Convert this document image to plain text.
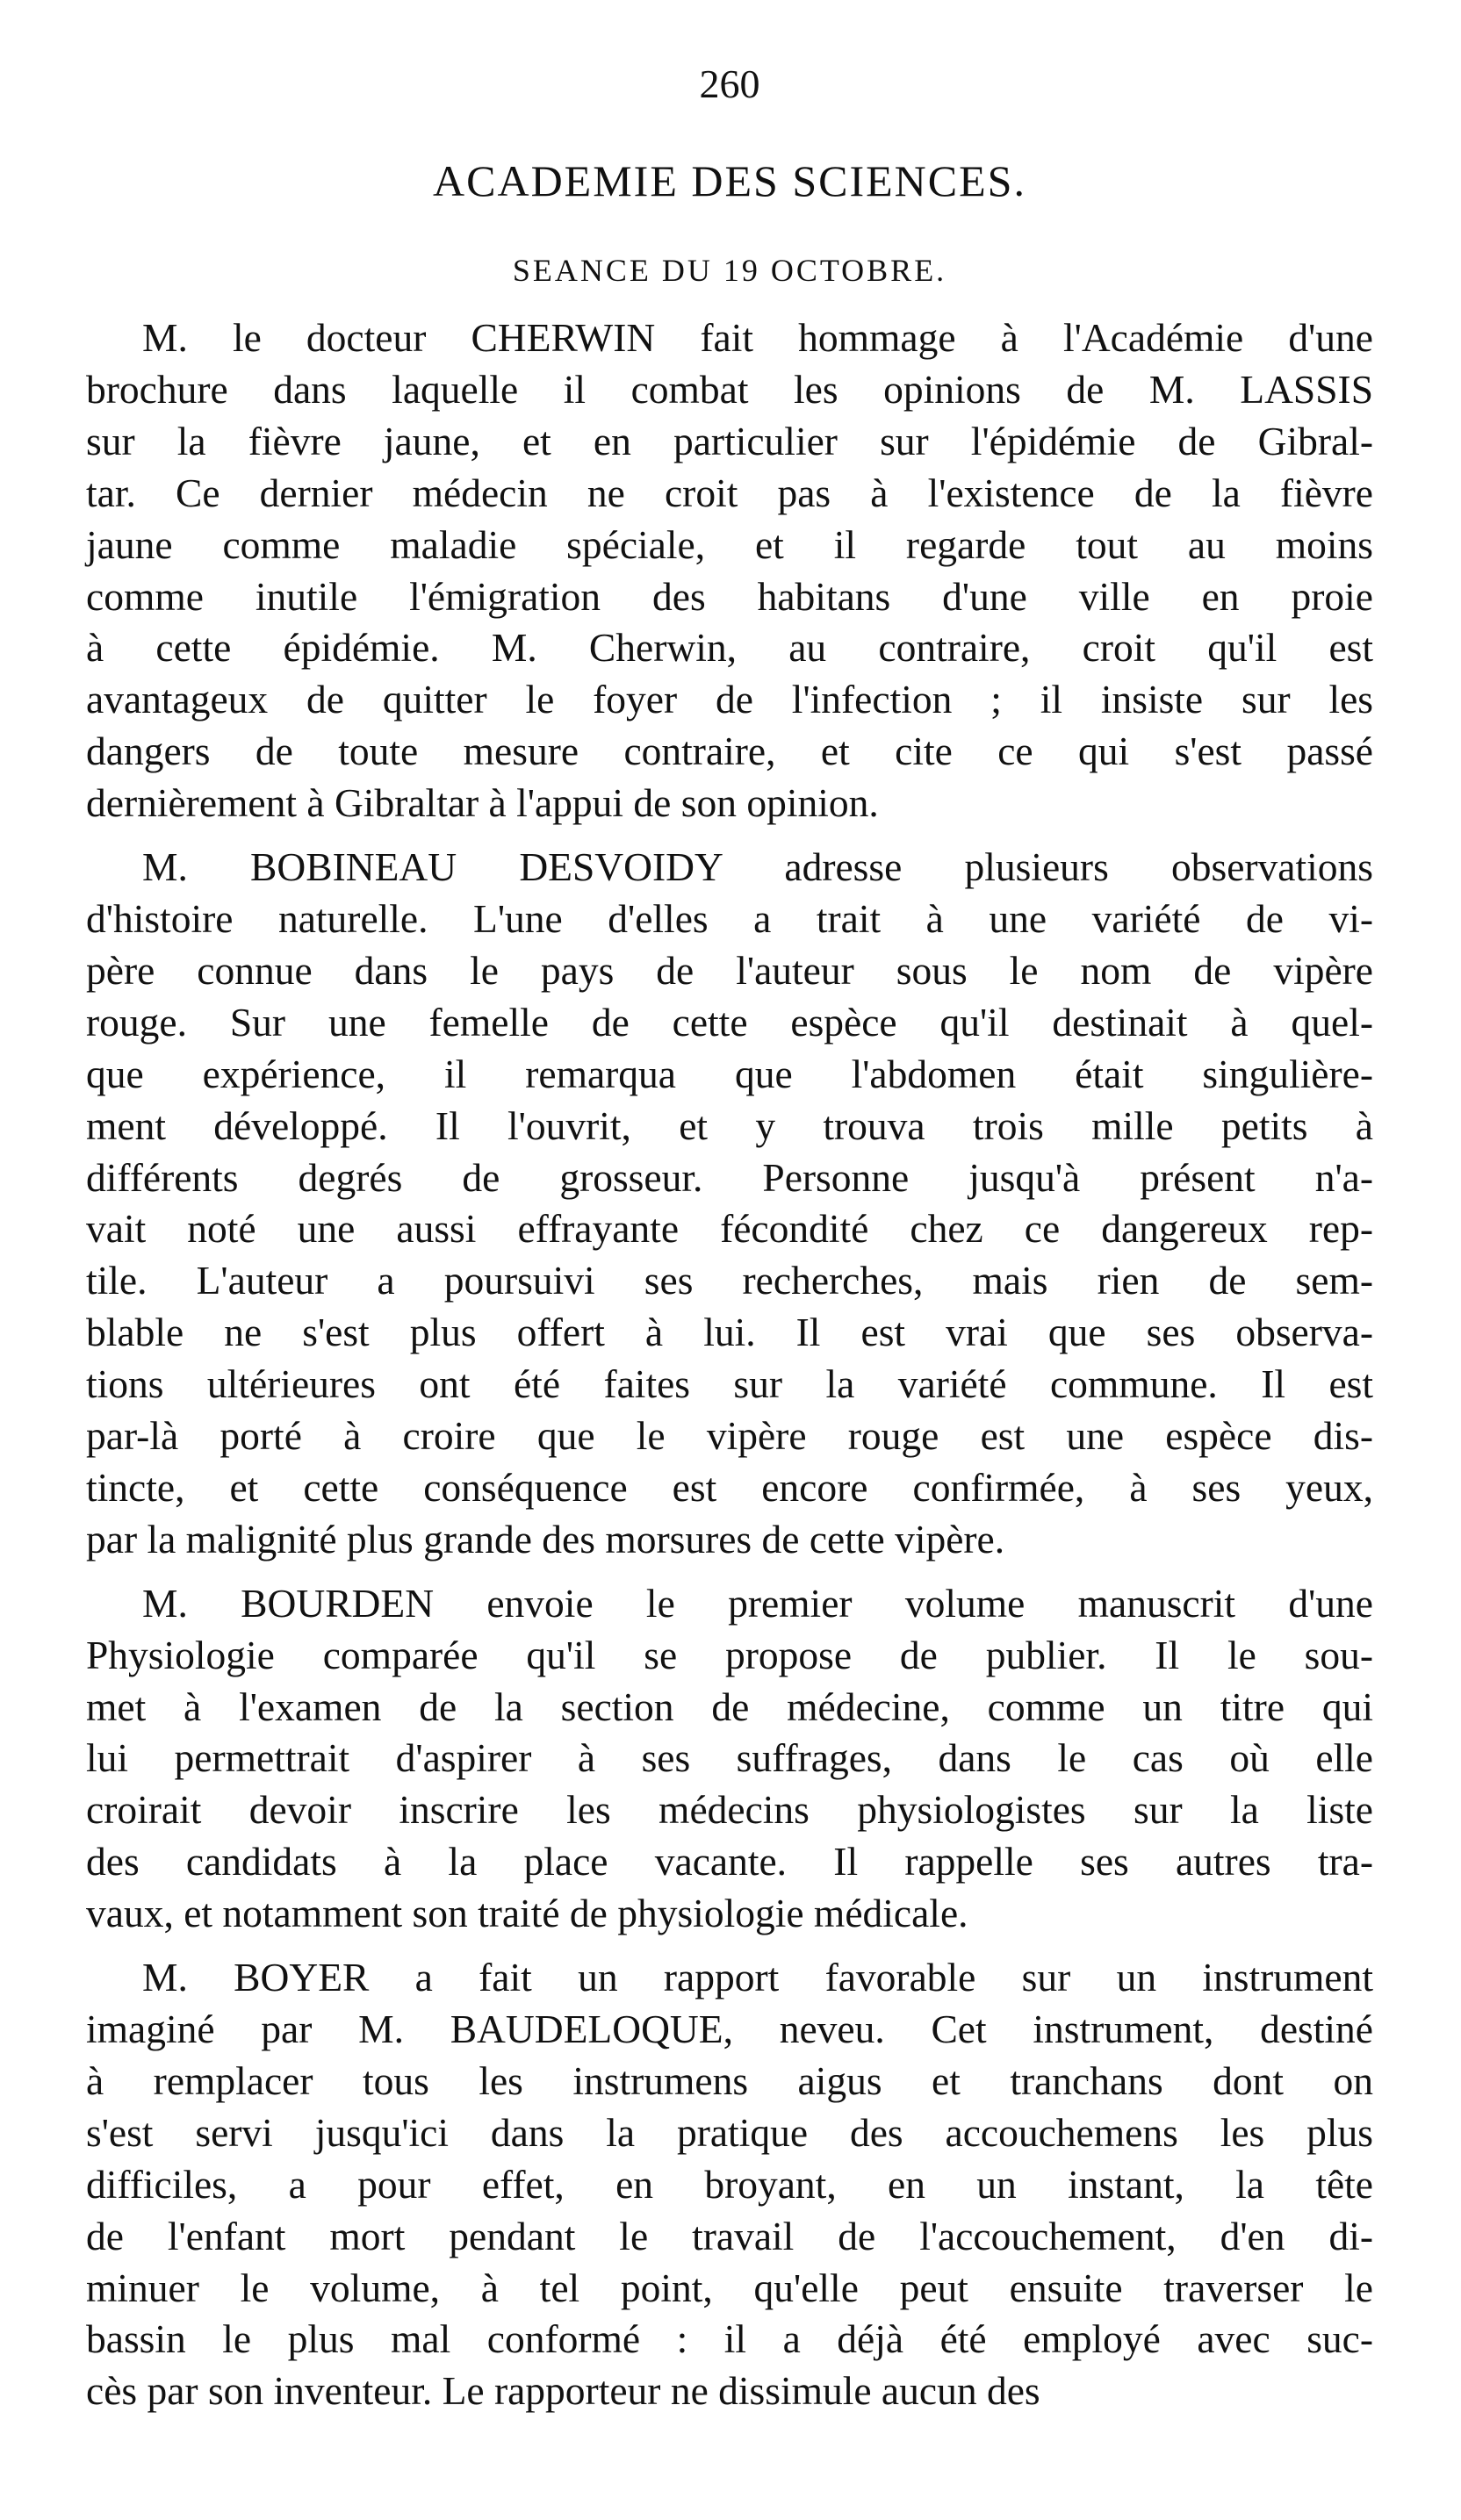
260
ACADEMIE DES SCIENCES.
SEANCE DU 19 OCTOBRE.
M. le docteur CHERWIN fait hommage à l'Académie d'une
brochure dans laquelle il combat les opinions de M. LASSIS
sur la fièvre jaune, et en particulier sur l'épidémie de Gibral-
tar. Ce dernier médecin ne croit pas à l'existence de la fièvre
jaune comme maladie spéciale, et il regarde tout au moins
comme inutile l'émigration des habitans d'une ville en proie
à cette épidémie. M. Cherwin, au contraire, croit qu'il est
avantageux de quitter le foyer de l'infection ; il insiste sur les
dangers de toute mesure contraire, et cite ce qui s'est passé
dernièrement à Gibraltar à l'appui de son opinion.
M. BOBINEAU DESVOIDY adresse plusieurs observations
d'histoire naturelle. L'une d'elles a trait à une variété de vi-
père connue dans le pays de l'auteur sous le nom de vipère
rouge. Sur une femelle de cette espèce qu'il destinait à quel-
que expérience, il remarqua que l'abdomen était singulière-
ment développé. Il l'ouvrit, et y trouva trois mille petits à
différents degrés de grosseur. Personne jusqu'à présent n'a-
vait noté une aussi effrayante fécondité chez ce dangereux rep-
tile. L'auteur a poursuivi ses recherches, mais rien de sem-
blable ne s'est plus offert à lui. Il est vrai que ses observa-
tions ultérieures ont été faites sur la variété commune. Il est
par-là porté à croire que le vipère rouge est une espèce dis-
tincte, et cette conséquence est encore confirmée, à ses yeux,
par la malignité plus grande des morsures de cette vipère.
M. BOURDEN envoie le premier volume manuscrit d'une
Physiologie comparée qu'il se propose de publier. Il le sou-
met à l'examen de la section de médecine, comme un titre qui
lui permettrait d'aspirer à ses suffrages, dans le cas où elle
croirait devoir inscrire les médecins physiologistes sur la liste
des candidats à la place vacante. Il rappelle ses autres tra-
vaux, et notamment son traité de physiologie médicale.
M. BOYER a fait un rapport favorable sur un instrument
imaginé par M. BAUDELOQUE, neveu. Cet instrument, destiné
à remplacer tous les instrumens aigus et tranchans dont on
s'est servi jusqu'ici dans la pratique des accouchemens les plus
difficiles, a pour effet, en broyant, en un instant, la tête
de l'enfant mort pendant le travail de l'accouchement, d'en di-
minuer le volume, à tel point, qu'elle peut ensuite traverser le
bassin le plus mal conformé : il a déjà été employé avec suc-
cès par son inventeur. Le rapporteur ne dissimule aucun des
